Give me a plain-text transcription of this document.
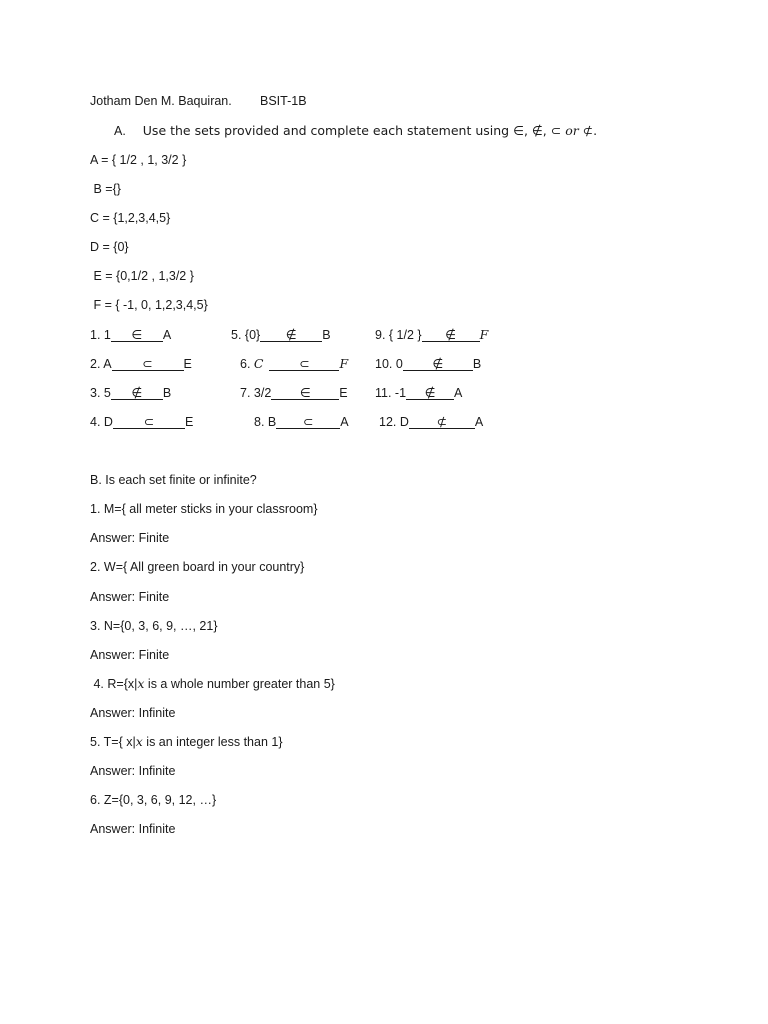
Jotham Den M. Baquiran. BSIT-1B
A. Use the sets provided and complete each statement using ∈, ∉, ⊂ or ⊄.
A = { 1/2 , 1, 3/2 }
B ={}
C = {1,2,3,4,5}
D = {0}
E = {0,1/2 , 1,3/2 }
F = { -1, 0, 1,2,3,4,5}
1. 1 ∈ A
2. A ⊂ E
3. 5 ∉ B
4. D ⊂ E
5. {0} ∉ B
6. C	⊂ F
7. 3/2 ∈ E
8. B ⊂ A
9. { 1/2 } ∉ F
10. 0 ∉ B
11. -1 ∉ A
12. D ⊄ A
B. Is each set finite or infinite?
1. M={ all meter sticks in your classroom}
Answer: Finite
2. W={ All green board in your country}
Answer: Finite
3. N={0, 3, 6, 9, …, 21}
Answer: Finite
4. R={x|x is a whole number greater than 5}
Answer: Infinite
5. T={ x|x is an integer less than 1}
Answer: Infinite
6. Z={0, 3, 6, 9, 12, …}
Answer: Infinite
